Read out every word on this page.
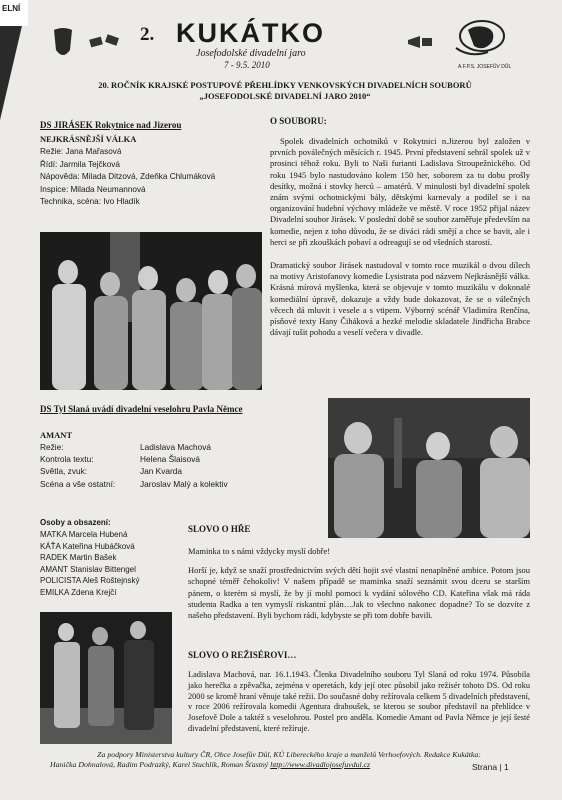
ELNÍ
2. KUKÁTKO
Josefodolské divadelní jaro
7 - 9.5. 2010	A.F.P.S. JOSEFŮV DŮL
20. ROČNÍK KRAJSKÉ POSTUPOVÉ PŘEHLÍDKY VENKOVSKÝCH DIVADELNÍCH SOUBORŮ
„JOSEFODOLSKÉ DIVADELNÍ JARO 2010“

DS JIRÁSEK Rokytnice nad Jizerou

NEJKRÁSNĚJŠÍ VÁLKA

Režie: Jana Mařasová

Řídí: Jarmila Tejčková

Nápověda: Milada Ditzová, Zdeňka Chlumáková

Inspice: Milada Neumannová

Technika, scéna: Ivo Hladík

O SOUBORU:

Spolek divadelních ochotníků v Rokytnici n.Jizerou byl založen v prvních poválečných měsících r. 1945. První představení sehrál spolek už v prosinci téhož roku. Byli to Naši furianti Ladislava Stroupežnického. Od roku 1945 bylo nastudováno kolem 150 her, soborem za tu dobu prošly desítky, možná i stovky herců – amatérů. V minulosti byl divadelní spolek znám svými ochotnickými bály, dětskými karnevaly a podílel se i na organizování hudební výchovy mládeže ve městě. V roce 1952 přijal název Divadelní soubor Jirásek. V poslední době se soubor zaměřuje především na komedie, nejen z toho důvodu, že se diváci rádi smějí a chce se bavit, ale i herci se při zkouškách pobaví a odreagují se od všedních starostí.

Dramatický soubor Jirásek nastudoval v tomto roce muzikál o dvou dílech na motivy Aristofanovy komedie Lysistrata pod názvem Nejkrásnější válka. Krásná mírová myšlenka, která se objevuje v tomto muzikálu v dokonalé komediální úpravě, dokazuje a vždy bude dokazovat, že se o válečných věcech dá mluvit i vesele a s vtipem. Výborný scénář Vladimíra Renčína, písňové texty Hany Čiháková a hezké melodie skladatele Jindřicha Brabce dávají tušit pohodu a veselí večera v divadle.

DS Tyl Slaná uvádí divadelní veselohru Pavla Němce

AMANT

Režie:	Ladislava Machová
Kontrola textu:	Helena Šlaisová
Světla, zvuk:	Jan Kvarda
Scéna a vše ostatní:	Jaroslav Malý a kolektiv

Osoby a obsazení:

MATKA Marcela Hubená

KÁŤA Kateřina Hubáčková

RADEK Martin Bašek

AMANT Stanislav Bittengel

POLICISTA Aleš Roštejnský

EMILKA Zdena Krejčí

SLOVO O HŘE

Maminka to s námi vždycky myslí dobře!

Horší je, když se snaží prostřednictvím svých dětí hojit své vlastní nenaplněné ambice. Potom jsou schopné téměř čehokoliv! V našem případě se maminka snaží seznámit svou dceru se starším pánem, o kterém si myslí, že by jí mohl pomoci k vydání sólového CD. Kateřina však má ráda studenta Radka a ten vymyslí riskantní plán…Jak to všechno nakonec dopadne? To se dozvíte z našeho představení. Byli bychom rádi, kdybyste se při tom dobře bavili.

SLOVO O REŽISÉROVI…

Ladislava Machová, nar. 16.1.1943. Členka Divadelního souboru Tyl Slaná od roku 1974. Působila jako herečka a zpěvačka, zejména v operetách, kdy její otec působil jako režisér tohoto DS. Od roku 2000 se kromě hraní věnuje také režii. Do současné doby režírovala celkem 5 divadelních představení, v roce 2006 režírovala komedii Agentura drahoušek, se kterou se soubor představil na přehlídce v Josefově Dole a taktéž s veselohrou. Postel pro anděla. Komedie Amant od Pavla Němce je její šesté divadelní představení, které režíruje.

Za podpory Ministerstva kultury ČR, Obce Josefův Důl, KÚ Libereckého kraje a manželů Verhoefových. Redakce Kukátka:
Hanička Dohnalová, Radim Podrazký, Karel Stuchlík, Roman Šťastný http://www.divadlojosefuvdul.cz	Strana | 1
